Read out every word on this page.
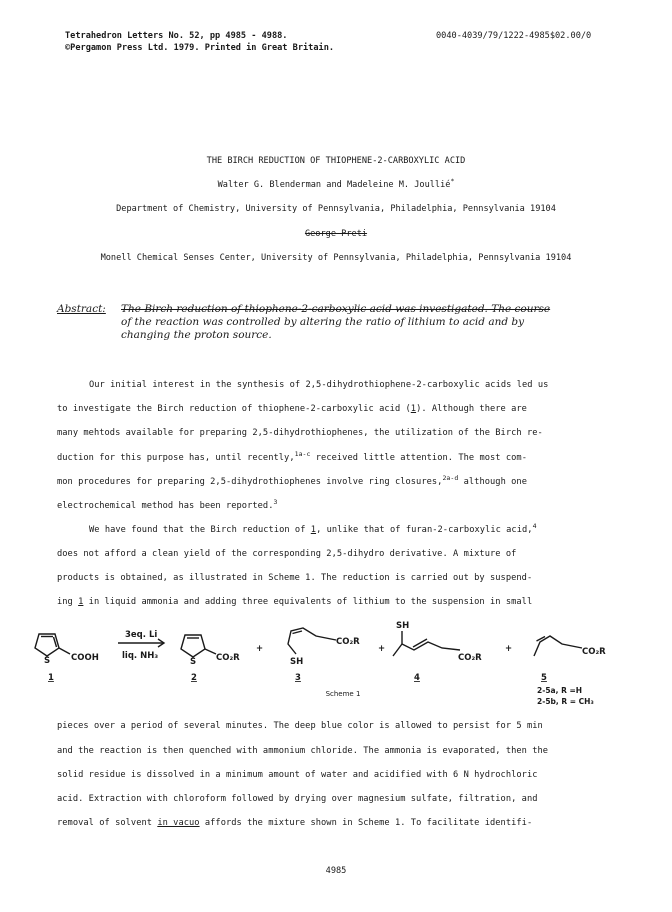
Tetrahedron Letters No. 52, pp 4985 - 4988.	0040-4039/79/1222-4985$02.00/0
©Pergamon Press Ltd. 1979. Printed in Great Britain.
THE BIRCH REDUCTION OF THIOPHENE-2-CARBOXYLIC ACID
Walter G. Blenderman and Madeleine M. Joullié*
Department of Chemistry, University of Pennsylvania, Philadelphia, Pennsylvania 19104
George Preti
Monell Chemical Senses Center, University of Pennsylvania, Philadelphia, Pennsylvania 19104
Abstract: The Birch reduction of thiophene-2-carboxylic acid was investigated. The course
of the reaction was controlled by altering the ratio of lithium to acid and by
changing the proton source.
Our initial interest in the synthesis of 2,5-dihydrothiophene-2-carboxylic acids led us
to investigate the Birch reduction of thiophene-2-carboxylic acid (1). Although there are
many mehtods available for preparing 2,5-dihydrothiophenes, the utilization of the Birch re-
duction for this purpose has, until recently,$^{1a-c}$ received little attention. The most com-
mon procedures for preparing 2,5-dihydrothiophenes involve ring closures,$^{2a-d}$ although one
electrochemical method has been reported.$^3$
We have found that the Birch reduction of 1, unlike that of furan-2-carboxylic acid,$^4$
does not afford a clean yield of the corresponding 2,5-dihydro derivative. A mixture of
products is obtained, as illustrated in Scheme 1. The reduction is carried out by suspend-
ing 1 in liquid ammonia and adding three equivalents of lithium to the suspension in small
S COOH
3eq. Li
liq. NH₃
S CO₂R
+
SH
CO₂R
+
SH
CO₂R
+	CO₂R
1	2	3	4	5
2-5a, R =H
2-5b, R = CH₃
Scheme 1
pieces over a period of several minutes. The deep blue color is allowed to persist for 5 min
and the reaction is then quenched with ammonium chloride. The ammonia is evaporated, then the
solid residue is dissolved in a minimum amount of water and acidified with 6 N hydrochloric
acid. Extraction with chloroform followed by drying over magnesium sulfate, filtration, and
removal of solvent in vacuo affords the mixture shown in Scheme 1. To facilitate identifi-
4985
